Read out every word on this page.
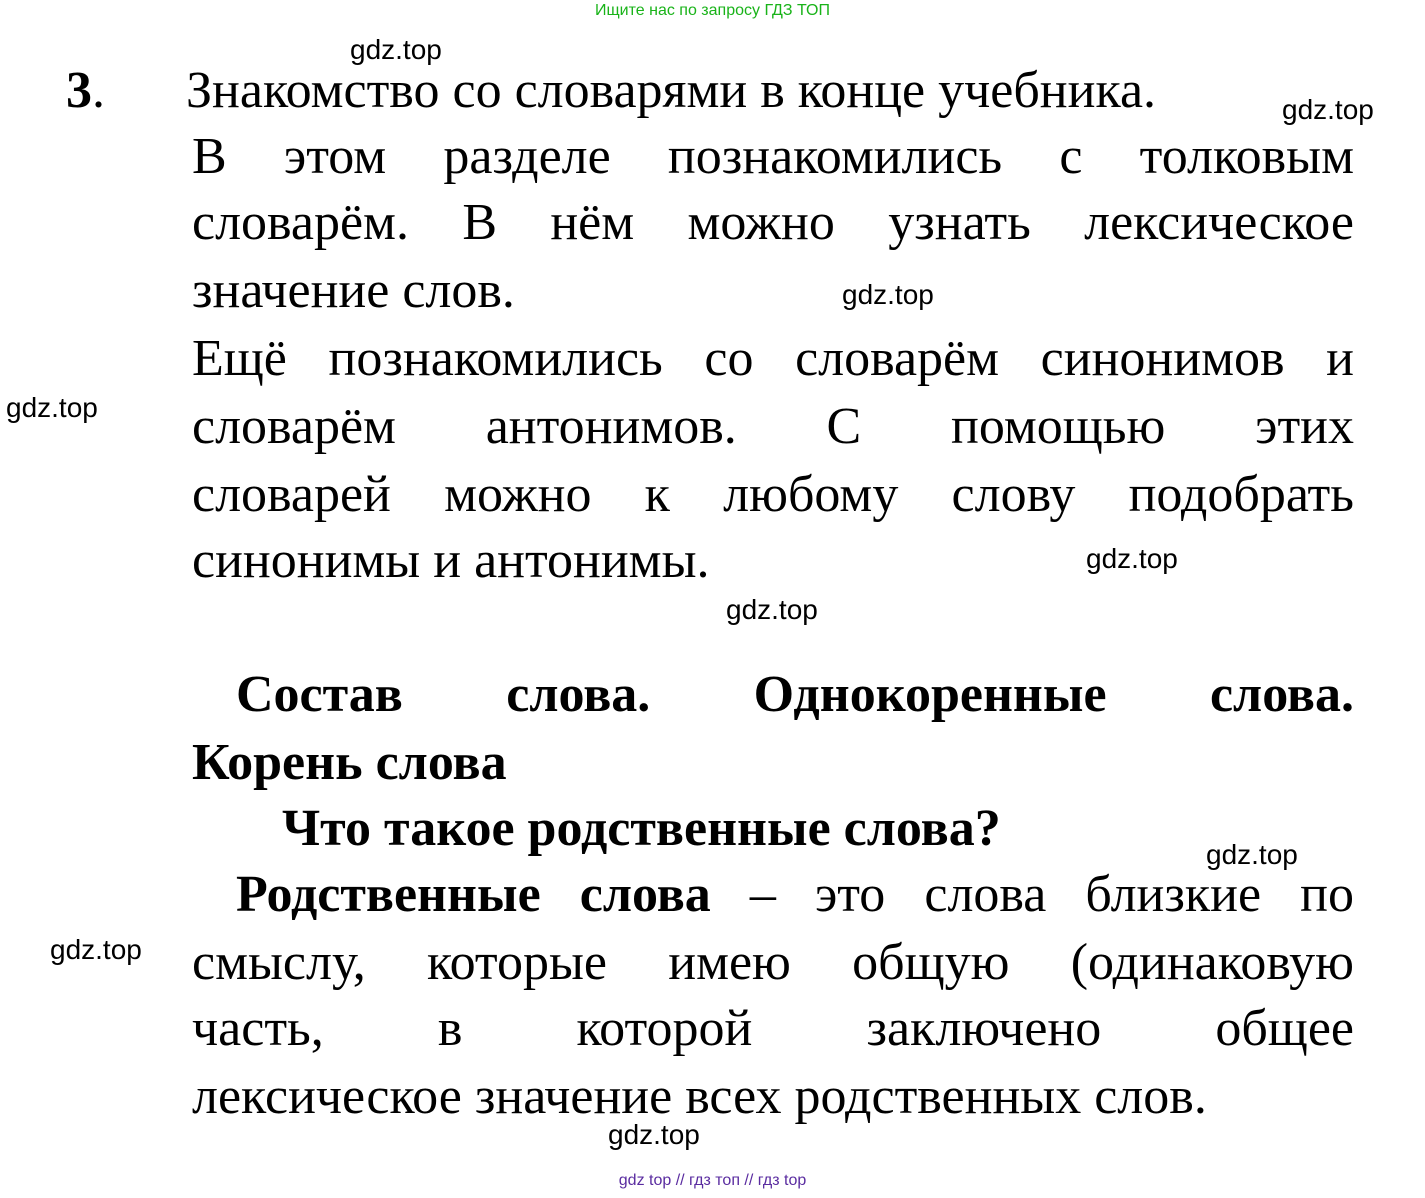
Ищите нас по запросу ГДЗ ТОП
gdz.top
gdz.top
gdz.top
gdz.top
gdz.top
gdz.top
gdz.top
gdz.top
gdz.top
3. Знакомство со словарями в конце учебника.
В этом разделе познакомились с толковым
словарём. В нём можно узнать лексическое
значение слов.
Ещё познакомились со словарём синонимов и
словарём антонимов. С помощью этих
словарей можно к любому слову подобрать
синонимы и антонимы.
Состав слова. Однокоренные слова.
Корень слова
Что такое родственные слова?
Родственные слова – это слова близкие по
смыслу, которые имею общую (одинаковую
часть, в которой заключено общее
лексическое значение всех родственных слов.
gdz top // гдз топ // гдз top
